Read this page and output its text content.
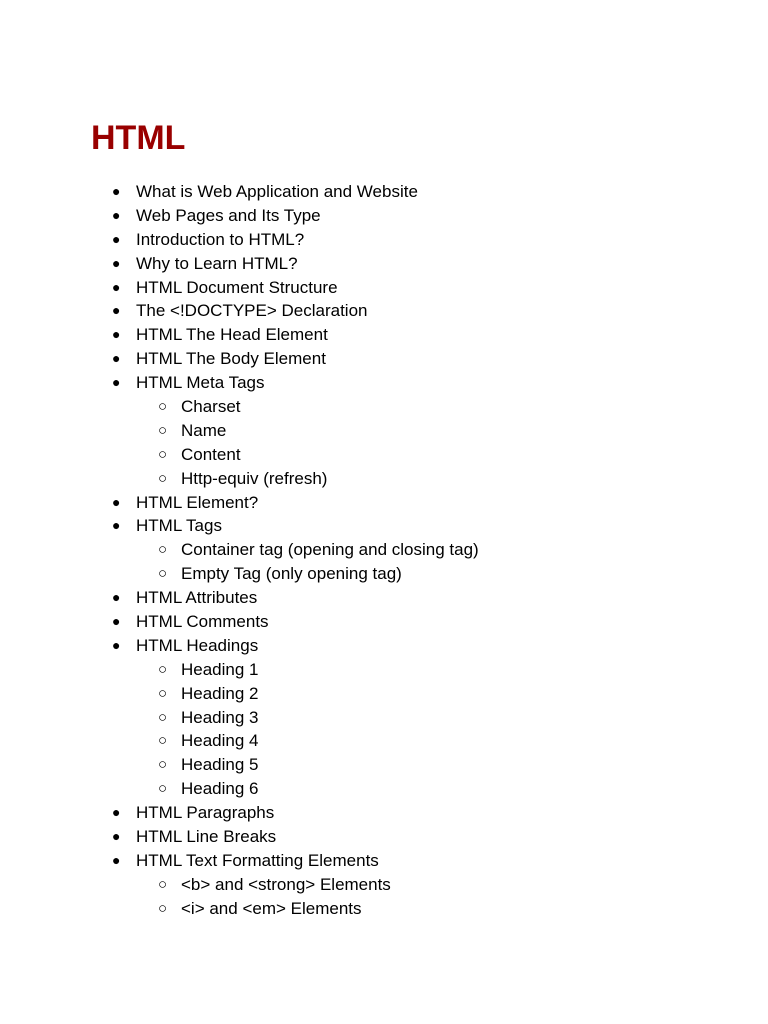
HTML
● What is Web Application and Website
● Web Pages and Its Type
● Introduction to HTML?
● Why to Learn HTML?
● HTML Document Structure
● The <!DOCTYPE> Declaration
● HTML The Head Element
● HTML The Body Element
● HTML Meta Tags
○ Charset
○ Name
○ Content
○ Http-equiv (refresh)
● HTML Element?
● HTML Tags
○ Container tag (opening and closing tag)
○ Empty Tag (only opening tag)
● HTML Attributes
● HTML Comments
● HTML Headings
○ Heading 1
○ Heading 2
○ Heading 3
○ Heading 4
○ Heading 5
○ Heading 6
● HTML Paragraphs
● HTML Line Breaks
● HTML Text Formatting Elements
○ <b> and <strong> Elements
○ <i> and <em> Elements
